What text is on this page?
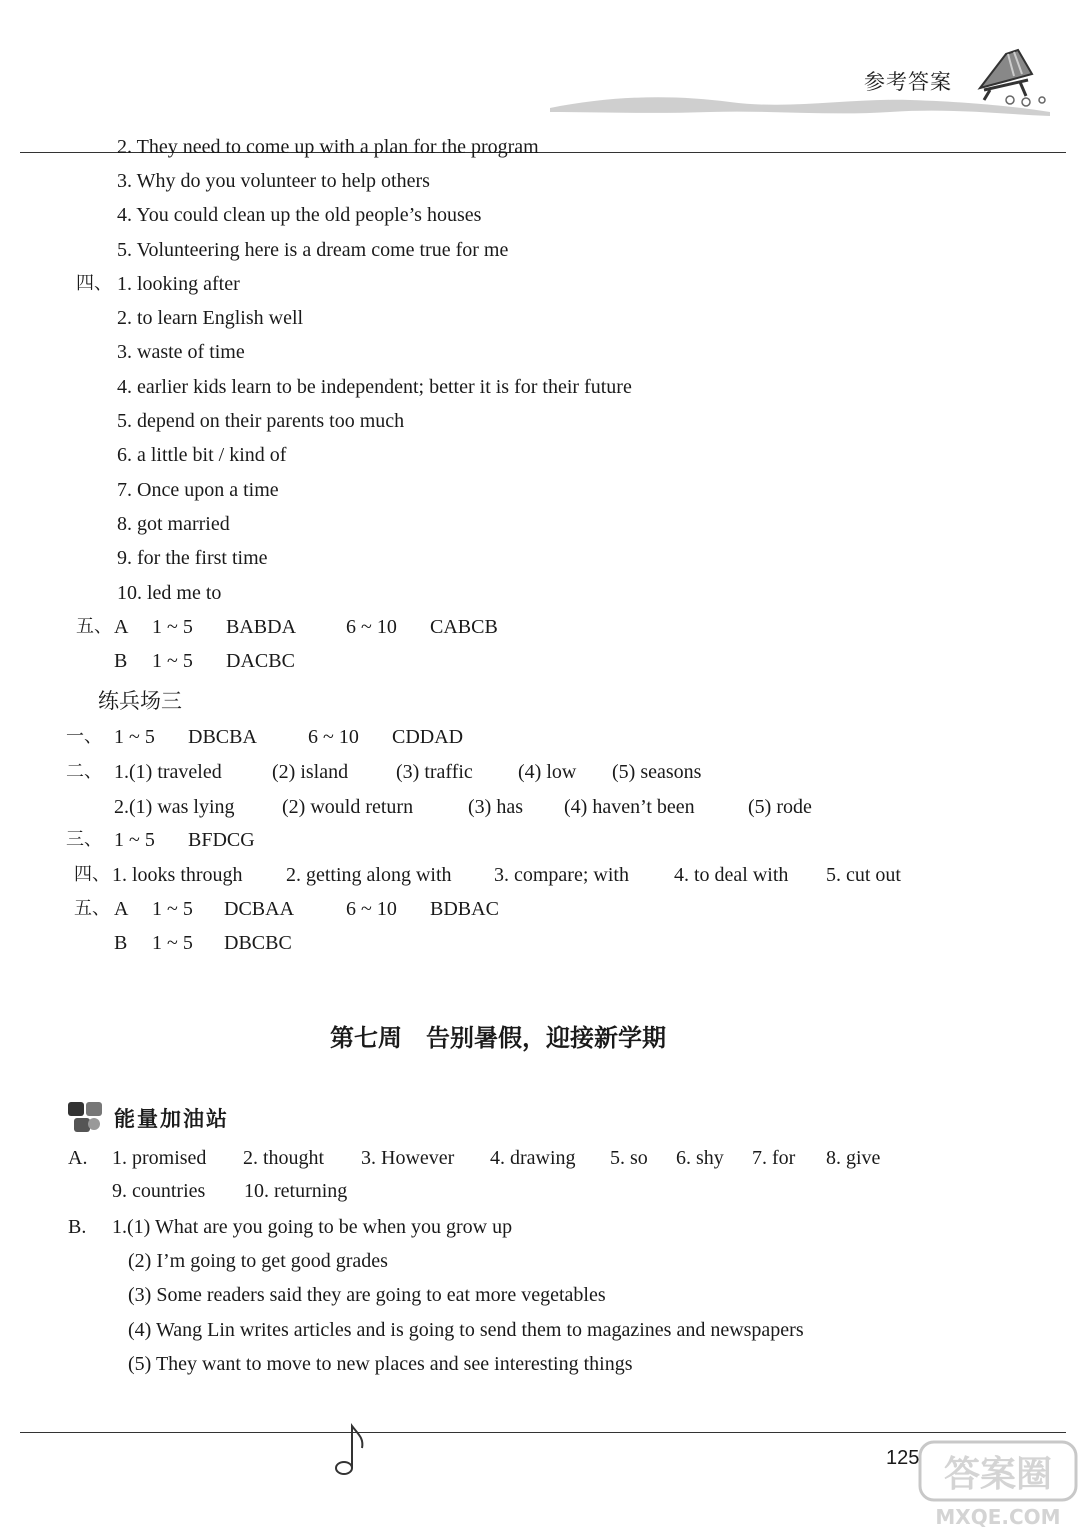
参考答案
2. They need to come up with a plan for the program
3. Why do you volunteer to help others
4. You could clean up the old people’s houses
5. Volunteering here is a dream come true for me
四、 1. looking after
2. to learn English well
3. waste of time
4. earlier kids learn to be independent; better it is for their future
5. depend on their parents too much
6. a little bit / kind of
7. Once upon a time
8. got married
9. for the first time
10. led me to
五、 A 1 ~ 5 BABDA 6 ~ 10 CABCB
B 1 ~ 5 DACBC
练兵场三
一、 1 ~ 5 DBCBA	6 ~ 10 CDDAD
二、 1.(1) traveled	(2) island (3) traffic (4) low (5) seasons
2.(1) was lying (2) would return	(3) has (4) haven’t been	(5) rode
三、 1 ~ 5 BFDCG
四、 1. looks through 2. getting along with 3. compare; with 4. to deal with 5. cut out
五、 A 1 ~ 5 DCBAA	6 ~ 10 BDBAC
B 1 ~ 5 DBCBC
第七周　告别暑假，迎接新学期
能量加油站
A. 1. promised 2. thought 3. However 4. drawing 5. so 6. shy 7. for 8. give
9. countries 10. returning
B. 1.(1) What are you going to be when you grow up
(2) I’m going to get good grades
(3) Some readers said they are going to eat more vegetables
(4) Wang Lin writes articles and is going to send them to magazines and newspapers
(5) They want to move to new places and see interesting things
125 答案圈
MXQE.COM
